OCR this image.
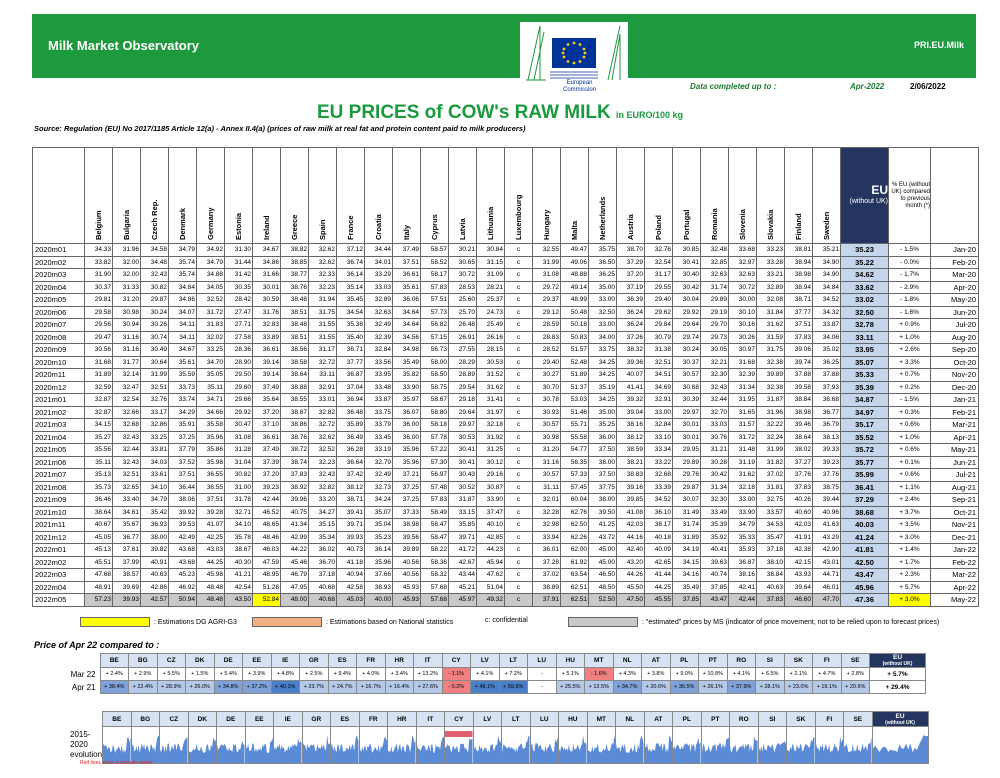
Milk Market Observatory	PRI.EU.Milk
European
Commission	Data completed up to :	Apr-2022	2/06/2022
EU PRICES of COW's RAW MILK in EURO/100 kg
Source: Regulation (EU) No 2017/1185 Article 12(a) - Annex II.4(a) (prices of raw milk at real fat and protein content paid to milk producers)

	Belgium	Bulgaria	Czech Rep.	Denmark	Germany	Estonia	Ireland	Greece	Spain	France	Croatia	Italy	Cyprus	Latvia	Lithuania	Luxembourg	Hungary	Malta	Netherlands	Austria	Poland	Portugal	Romania	Slovenia	Slovakia	Finland	Sweden	EU
(without UK)	% EU (without UK) compared to previous month (*)	

2020m01	34.33	31.96	34.58	34.79	34.92	31.30	34.67	38.82	32.62	37.12	34.44	37.49	58.57	30.21	30.84	c	32.55	49.47	35.75	38.70	32.76	30.85	32.48	33.68	33.23	38.81	35.21	35.23	- 1.5%	Jan-20
2020m02	33.82	32.00	34.48	35.74	34.79	31.44	34.86	38.85	32.62	36.74	34.01	37.51	58.52	30.65	31.15	c	31.99	49.06	36.50	37.29	32.54	30.41	32.85	32.97	33.28	38.94	34.90	35.22	- 0.0%	Feb-20
2020m03	31.90	32.00	32.43	35.74	34.88	31.42	31.66	38.77	32.33	36.14	33.29	36.61	58.17	30.72	31.09	c	31.08	48.88	36.25	37.20	31.17	30.40	32.63	32.63	33.21	38.98	34.90	34.62	- 1.7%	Mar-20
2020m04	30.37	31.33	30.82	34.84	34.05	30.35	30.01	38.76	32.23	35.14	33.03	35.61	57.83	28.53	28.21	c	29.72	49.14	35.00	37.19	29.55	30.42	31.74	30.72	32.89	38.94	34.84	33.62	- 2.9%	Apr-20
2020m05	29.81	31.20	29.87	34.86	32.52	28.42	30.59	38.48	31.94	35.45	32.89	36.06	57.51	25.60	25.37	c	29.37	48.99	33.00	36.39	29.40	30.04	29.89	30.00	32.08	38.71	34.52	33.02	- 1.8%	May-20
2020m06	29.58	30.98	30.24	34.07	31.72	27.47	31.76	38.51	31.75	34.54	32.63	34.64	57.73	25.70	24.73	c	29.12	50.48	32.50	36.24	29.62	29.92	29.19	30.10	31.84	37.77	34.32	32.50	- 1.6%	Jun-20
2020m07	29.56	30.94	30.26	34.11	31.83	27.71	32.83	38.48	31.55	35.38	32.49	34.64	56.82	26.48	25.49	c	28.59	50.18	33.00	36.24	29.84	29.64	29.70	30.16	31.62	37.51	33.87	32.78	+ 0.9%	Jul-20
2020m08	29.47	31.16	30.74	34.11	32.02	27.58	33.89	38.51	31.55	35.40	32.39	34.56	57.15	26.91	26.16	c	28.83	50.83	34.00	37.26	30.79	29.74	29.73	30.26	31.59	37.83	34.06	33.11	+ 1.0%	Aug-20
2020m09	30.56	31.16	30.49	34.67	33.25	28.36	36.61	38.56	31.17	36.71	32.84	34.98	56.73	27.55	28.15	c	28.52	51.57	33.75	38.32	31.38	30.24	30.05	30.97	31.75	39.06	35.02	33.95	+ 2.6%	Sep-20
2020m10	31.68	31.77	30.64	35.61	34.70	28.90	39.14	38.58	32.72	37.77	33.56	35.49	58.00	28.29	30.53	c	29.40	52.48	34.25	39.36	32.51	30.37	32.21	31.68	32.38	39.74	36.25	35.07	+ 3.3%	Oct-20
2020m11	31.89	32.14	31.99	35.59	35.05	29.50	39.14	38.64	33.11	36.87	33.95	35.82	58.50	28.89	31.52	c	30.27	51.89	34.25	40.07	34.51	30.57	32.30	32.39	39.89	37.88	37.88	35.33	+ 0.7%	Nov-20
2020m12	32.59	32.47	32.51	33.73	35.11	29.60	37.49	38.88	32.91	37.04	33.48	33.90	58.75	29.54	31.62	c	30.70	51.37	35.19	41.41	34.69	30.68	32.43	31.34	32.38	39.58	37.93	35.39	+ 0.2%	Dec-20
2021m01	32.87	32.54	32.76	33.74	34.71	29.66	35.64	38.55	33.01	36.94	33.87	35.97	58.67	29.18	31.41	c	30.78	53.03	34.25	39.32	32.91	30.39	32.44	31.95	31.87	38.84	36.68	34.87	- 1.5%	Jan-21
2021m02	32.87	32.66	33.17	34.29	34.66	29.92	37.20	38.67	32.82	36.48	33.75	36.07	58.80	29.64	31.97	c	30.93	51.46	35.00	39.04	33.00	29.97	32.70	31.65	31.96	38.98	36.77	34.97	+ 0.3%	Feb-21
2021m03	34.15	32.68	32.86	35.91	35.58	30.47	37.10	38.86	32.72	35.89	33.79	36.00	58.18	29.97	32.18	c	30.57	55.71	35.25	38.16	32.84	30.01	33.03	31.57	32.22	39.46	36.79	35.17	+ 0.6%	Mar-21
2021m04	35.27	32.43	33.25	37.25	35.96	31.08	36.61	38.76	32.62	36.49	33.45	36.00	57.78	30.53	31.92	c	30.98	55.58	36.00	38.12	33.10	30.01	30.76	31.72	32.24	38.64	38.13	35.52	+ 1.0%	Apr-21
2021m05	35.56	32.44	33.81	37.79	35.86	31.28	37.49	38.72	32.52	36.28	33.19	35.96	57.22	30.41	31.25	c	31.20	54.77	37.50	38.59	33.34	29.95	31.21	31.48	31.99	38.02	39.33	35.72	+ 0.6%	May-21
2021m06	35.11	32.43	34.03	37.52	35.98	31.04	37.39	38.74	32.23	36.64	32.79	35.96	57.30	30.41	30.12	c	31.16	56.35	38.00	38.21	33.22	29.89	30.28	31.19	31.82	37.27	39.23	35.77	+ 0.1%	Jun-21
2021m07	35.13	32.51	33.61	37.51	36.55	30.82	37.20	37.83	32.43	37.42	32.49	37.21	56.97	30.43	29.16	c	30.57	57.33	37.50	38.83	32.68	29.76	30.42	31.62	37.02	37.76	37.76	35.99	+ 0.6%	Jul-21
2021m08	35.73	32.65	34.10	36.44	36.55	31.00	39.23	38.92	32.82	38.12	32.73	37.25	57.48	30.52	30.87	c	31.11	57.45	37.75	39.16	33.39	29.87	31.34	32.18	31.81	37.83	38.75	36.41	+ 1.1%	Aug-21
2021m09	36.46	33.40	34.79	38.06	37.51	31.78	42.44	39.96	33.20	38.71	34.24	37.25	57.83	31.87	33.90	c	32.01	60.04	38.00	39.85	34.52	30.07	32.30	33.00	32.75	40.26	39.44	37.29	+ 2.4%	Sep-21
2021m10	38.64	34.61	35.42	39.92	39.28	32.71	46.52	40.75	34.27	39.41	35.07	37.33	58.49	33.15	37.47	c	32.28	62.76	39.50	41.08	36.10	31.49	33.49	33.90	33.57	40.60	40.96	38.68	+ 3.7%	Oct-21
2021m11	40.67	35.67	36.93	39.53	41.07	34.10	48.65	41.34	35.15	39.71	35.04	38.98	58.47	35.85	40.10	c	32.98	62.50	41.25	42.03	38.17	31.74	35.39	34.79	34.53	42.03	41.63	40.03	+ 3.5%	Nov-21
2021m12	45.05	36.77	38.00	42.49	42.25	35.78	48.46	42.99	35.34	39.93	35.23	39.56	58.47	39.71	42.85	c	33.94	62.26	43.72	44.16	40.18	31.89	35.92	35.33	35.47	41.91	43.29	41.24	+ 3.0%	Dec-21
2022m01	45.13	37.61	39.82	43.68	43.03	38.67	46.03	44.22	36.02	40.73	36.14	39.89	58.22	41.72	44.23	c	36.01	62.00	45.00	42.40	40.09	34.19	40.41	35.93	37.18	42.38	42.90	41.81	+ 1.4%	Jan-22
2022m02	45.51	37.99	40.91	43.68	44.25	40.30	47.59	45.46	36.70	41.18	35.96	40.56	58.36	42.67	45.94	c	37.28	61.92	45.00	43.20	42.65	34.15	39.63	36.87	38.10	42.15	43.01	42.50	+ 1.7%	Feb-22
2022m03	47.68	38.57	40.63	45.23	45.98	41.21	48.95	46.79	37.18	40.94	37.66	40.56	58.32	43.44	47.62	c	37.02	63.54	46.50	44.26	41.44	34.16	40.74	38.16	38.84	43.93	44.71	43.47	+ 2.3%	Mar-22
2022m04	48.91	39.69	42.86	46.92	48.48	42.54	51.28	47.95	40.68	42.58	38.93	45.93	57.68	45.21	51.04	c	38.89	62.51	48.50	45.50	44.25	35.49	37.85	42.41	40.63	39.64	46.01	45.96	+ 5.7%	Apr-22
2022m05	57.23	39.93	42.57	50.94	48.48	43.50	52.84	48.00	40.68	45.03	40.00	45.93	57.68	45.97	49.32	c	37.91	62.51	52.50	47.50	45.55	37.85	43.47	42.44	37.83	46.60	47.70	47.36	+ 3.0%	May-22
: Estimations DG AGRI-G3	: Estimations based on National statistics	c: confidential	: "estimated" prices by MS (indicator of price movement, not to be relied upon to forecast prices)
Price of Apr 22 compared to :
	BE	BG	CZ	DK	DE	EE	IE	GR	ES	FR	HR	IT	CY	LV	LT	LU	HU	MT	NL	AT	PL	PT	RO	SI	SK	FI	SE	EU
(without UK)

Mar 22	+ 2.4%	+ 2.9%	+ 5.5%	+ 1.5%	+ 5.4%	+ 3.9%	+ 4.8%	+ 2.5%	+ 9.4%	+ 4.0%	+ 3.4%	+ 13.2%	- 1.1%	+ 4.1%	+ 7.2%	-	+ 5.1%	- 1.6%	+ 4.3%	+ 3.8%	+ 9.0%	+ 10.8%	+ 4.1%	+ 6.5%	+ 2.1%	+ 4.7%	+ 2.8%	+ 5.7%
Apr 21	+ 38.4%	+ 22.4%	+ 28.9%	+ 26.0%	+ 34.8%	+ 37.2%	+ 40.1%	+ 23.7%	+ 24.7%	+ 16.7%	+ 16.4%	+ 27.6%	- 0.2%	+ 48.1%	+ 59.9%	-	+ 25.5%	+ 12.5%	+ 34.7%	+ 20.6%	+ 36.5%	+ 26.1%	+ 37.9%	+ 28.1%	+ 23.0%	+ 19.1%	+ 20.6%	+ 29.4%
	BE	BG	CZ	DK	DE	EE	IE	GR	ES	FR	HR	IT	CY	LV	LT	LU	HU	MT	NL	AT	PL	PT	RO	SI	SK	FI	SE	EU
(without UK)

2015-2020
evolution

Red lines show maximum values
